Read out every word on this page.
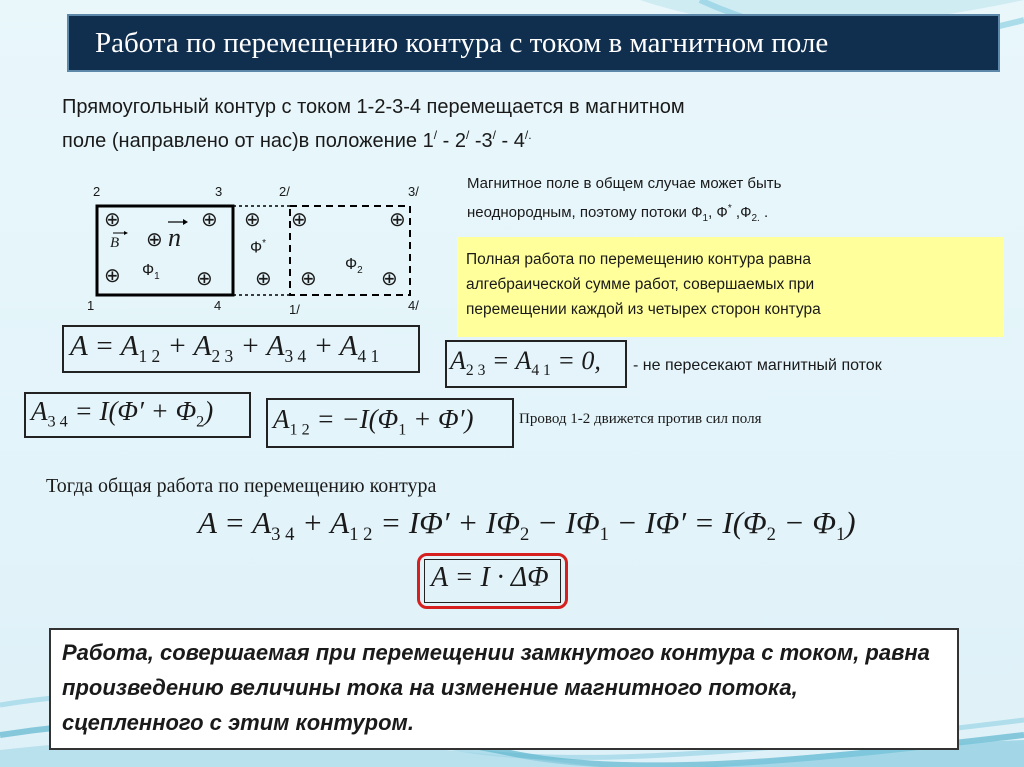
Работа по перемещению контура с током в магнитном поле
Прямоугольный контур с током 1-2-3-4 перемещается в магнитном
поле (направлено от нас)в положение 1/ - 2/ -3/ - 4/.
2	3	2/	3/
1	4	1/	4/
⊕	⊕ ⊕ ⊕	⊕
⊕
⊕	⊕ ⊕ ⊕	⊕
B n
$Ф_1$
Ф*
$Ф_2$
Магнитное поле в общем случае может быть
неоднородным, поэтому потоки $Ф_1$, Ф* $,Ф_{2.}$ .
Полная работа по перемещению контура равна
алгебраической сумме работ, совершаемых при
перемещении каждой из четырех сторон контура
$A = A_{1 2} + A_{2 3} + A_{3 4} + A_{4 1}$	$A_{2 3} = A_{4 1} = 0$, - не пересекают магнитный поток
$A_{3 4} = I(\Phi' + \Phi_2) A_{1 2} = -I(\Phi_1 + \Phi')$	Провод 1-2 движется против сил поля
Тогда общая работа по перемещению контура
$A = A_{3 4} + A_{1 2} = I\Phi' + I\Phi_2 - I\Phi_1 - I\Phi' = I(\Phi_2 - \Phi_1)$
A = I · ΔΦ
Работа, совершаемая при перемещении замкнутого контура с током, равна произведению величины тока на изменение магнитного потока, сцепленного с этим контуром.
